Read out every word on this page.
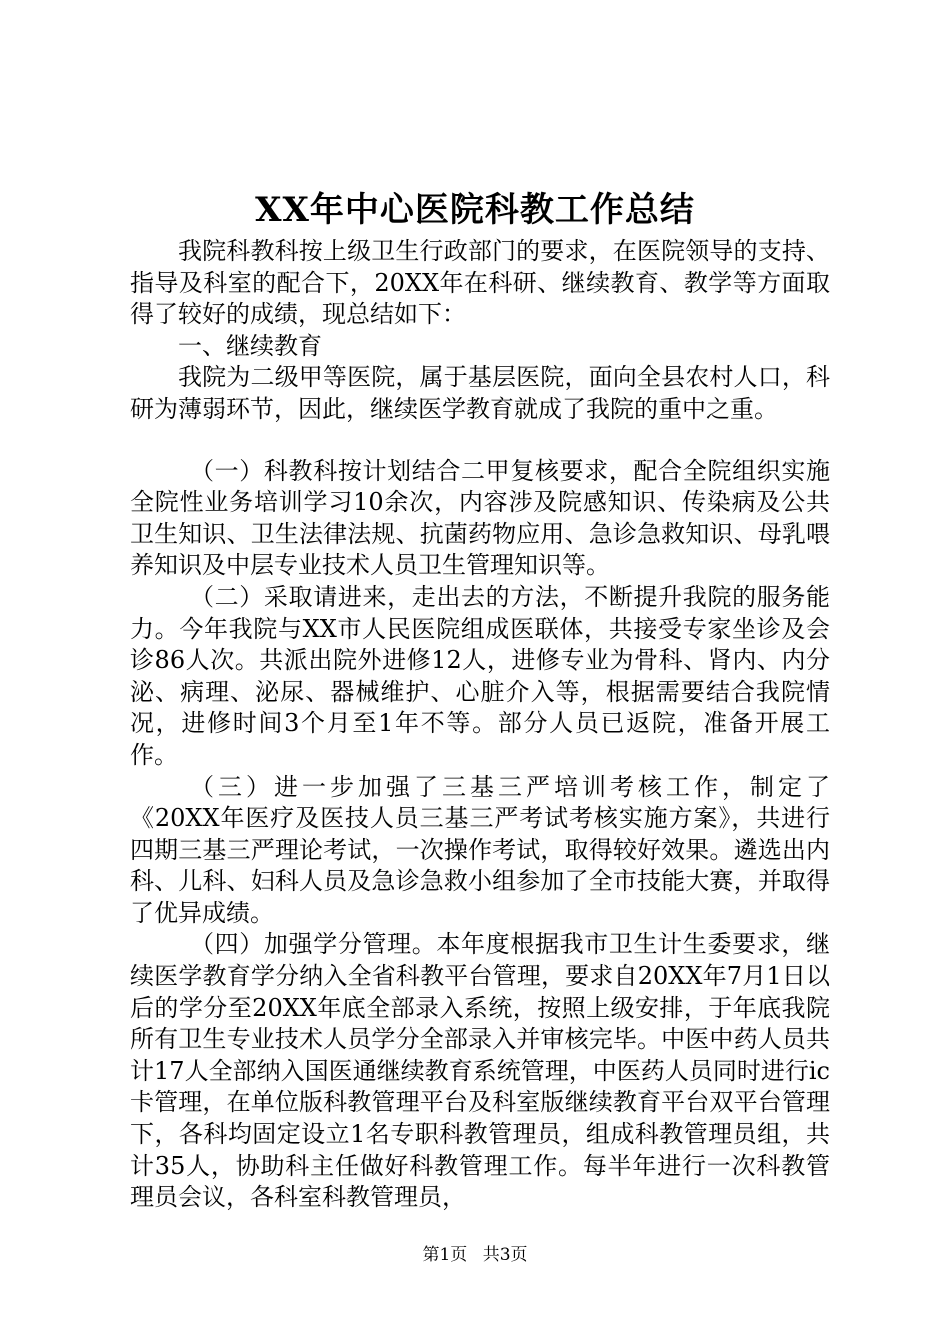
XX年中心医院科教工作总结

我院科教科按上级卫生行政部门的要求，在医院领导的支持、指导及科室的配合下，20XX年在科研、继续教育、教学等方面取得了较好的成绩，现总结如下：

一、继续教育

我院为二级甲等医院，属于基层医院，面向全县农村人口，科研为薄弱环节，因此，继续医学教育就成了我院的重中之重。

（一）科教科按计划结合二甲复核要求，配合全院组织实施全院性业务培训学习10余次，内容涉及院感知识、传染病及公共卫生知识、卫生法律法规、抗菌药物应用、急诊急救知识、母乳喂养知识及中层专业技术人员卫生管理知识等。

（二）采取请进来，走出去的方法，不断提升我院的服务能力。今年我院与XX市人民医院组成医联体，共接受专家坐诊及会诊86人次。共派出院外进修12人，进修专业为骨科、肾内、内分泌、病理、泌尿、器械维护、心脏介入等，根据需要结合我院情况，进修时间3个月至1年不等。部分人员已返院，准备开展工作。

（三）进一步加强了三基三严培训考核工作，制定了《20XX年医疗及医技人员三基三严考试考核实施方案》，共进行四期三基三严理论考试，一次操作考试，取得较好效果。遴选出内科、儿科、妇科人员及急诊急救小组参加了全市技能大赛，并取得了优异成绩。

（四）加强学分管理。本年度根据我市卫生计生委要求，继续医学教育学分纳入全省科教平台管理，要求自20XX年7月1日以后的学分至20XX年底全部录入系统，按照上级安排，于年底我院所有卫生专业技术人员学分全部录入并审核完毕。中医中药人员共计17人全部纳入国医通继续教育系统管理，中医药人员同时进行ic卡管理，在单位版科教管理平台及科室版继续教育平台双平台管理下，各科均固定设立1名专职科教管理员，组成科教管理员组，共计35人，协助科主任做好科教管理工作。每半年进行一次科教管理员会议，各科室科教管理员，

第1页 共3页
